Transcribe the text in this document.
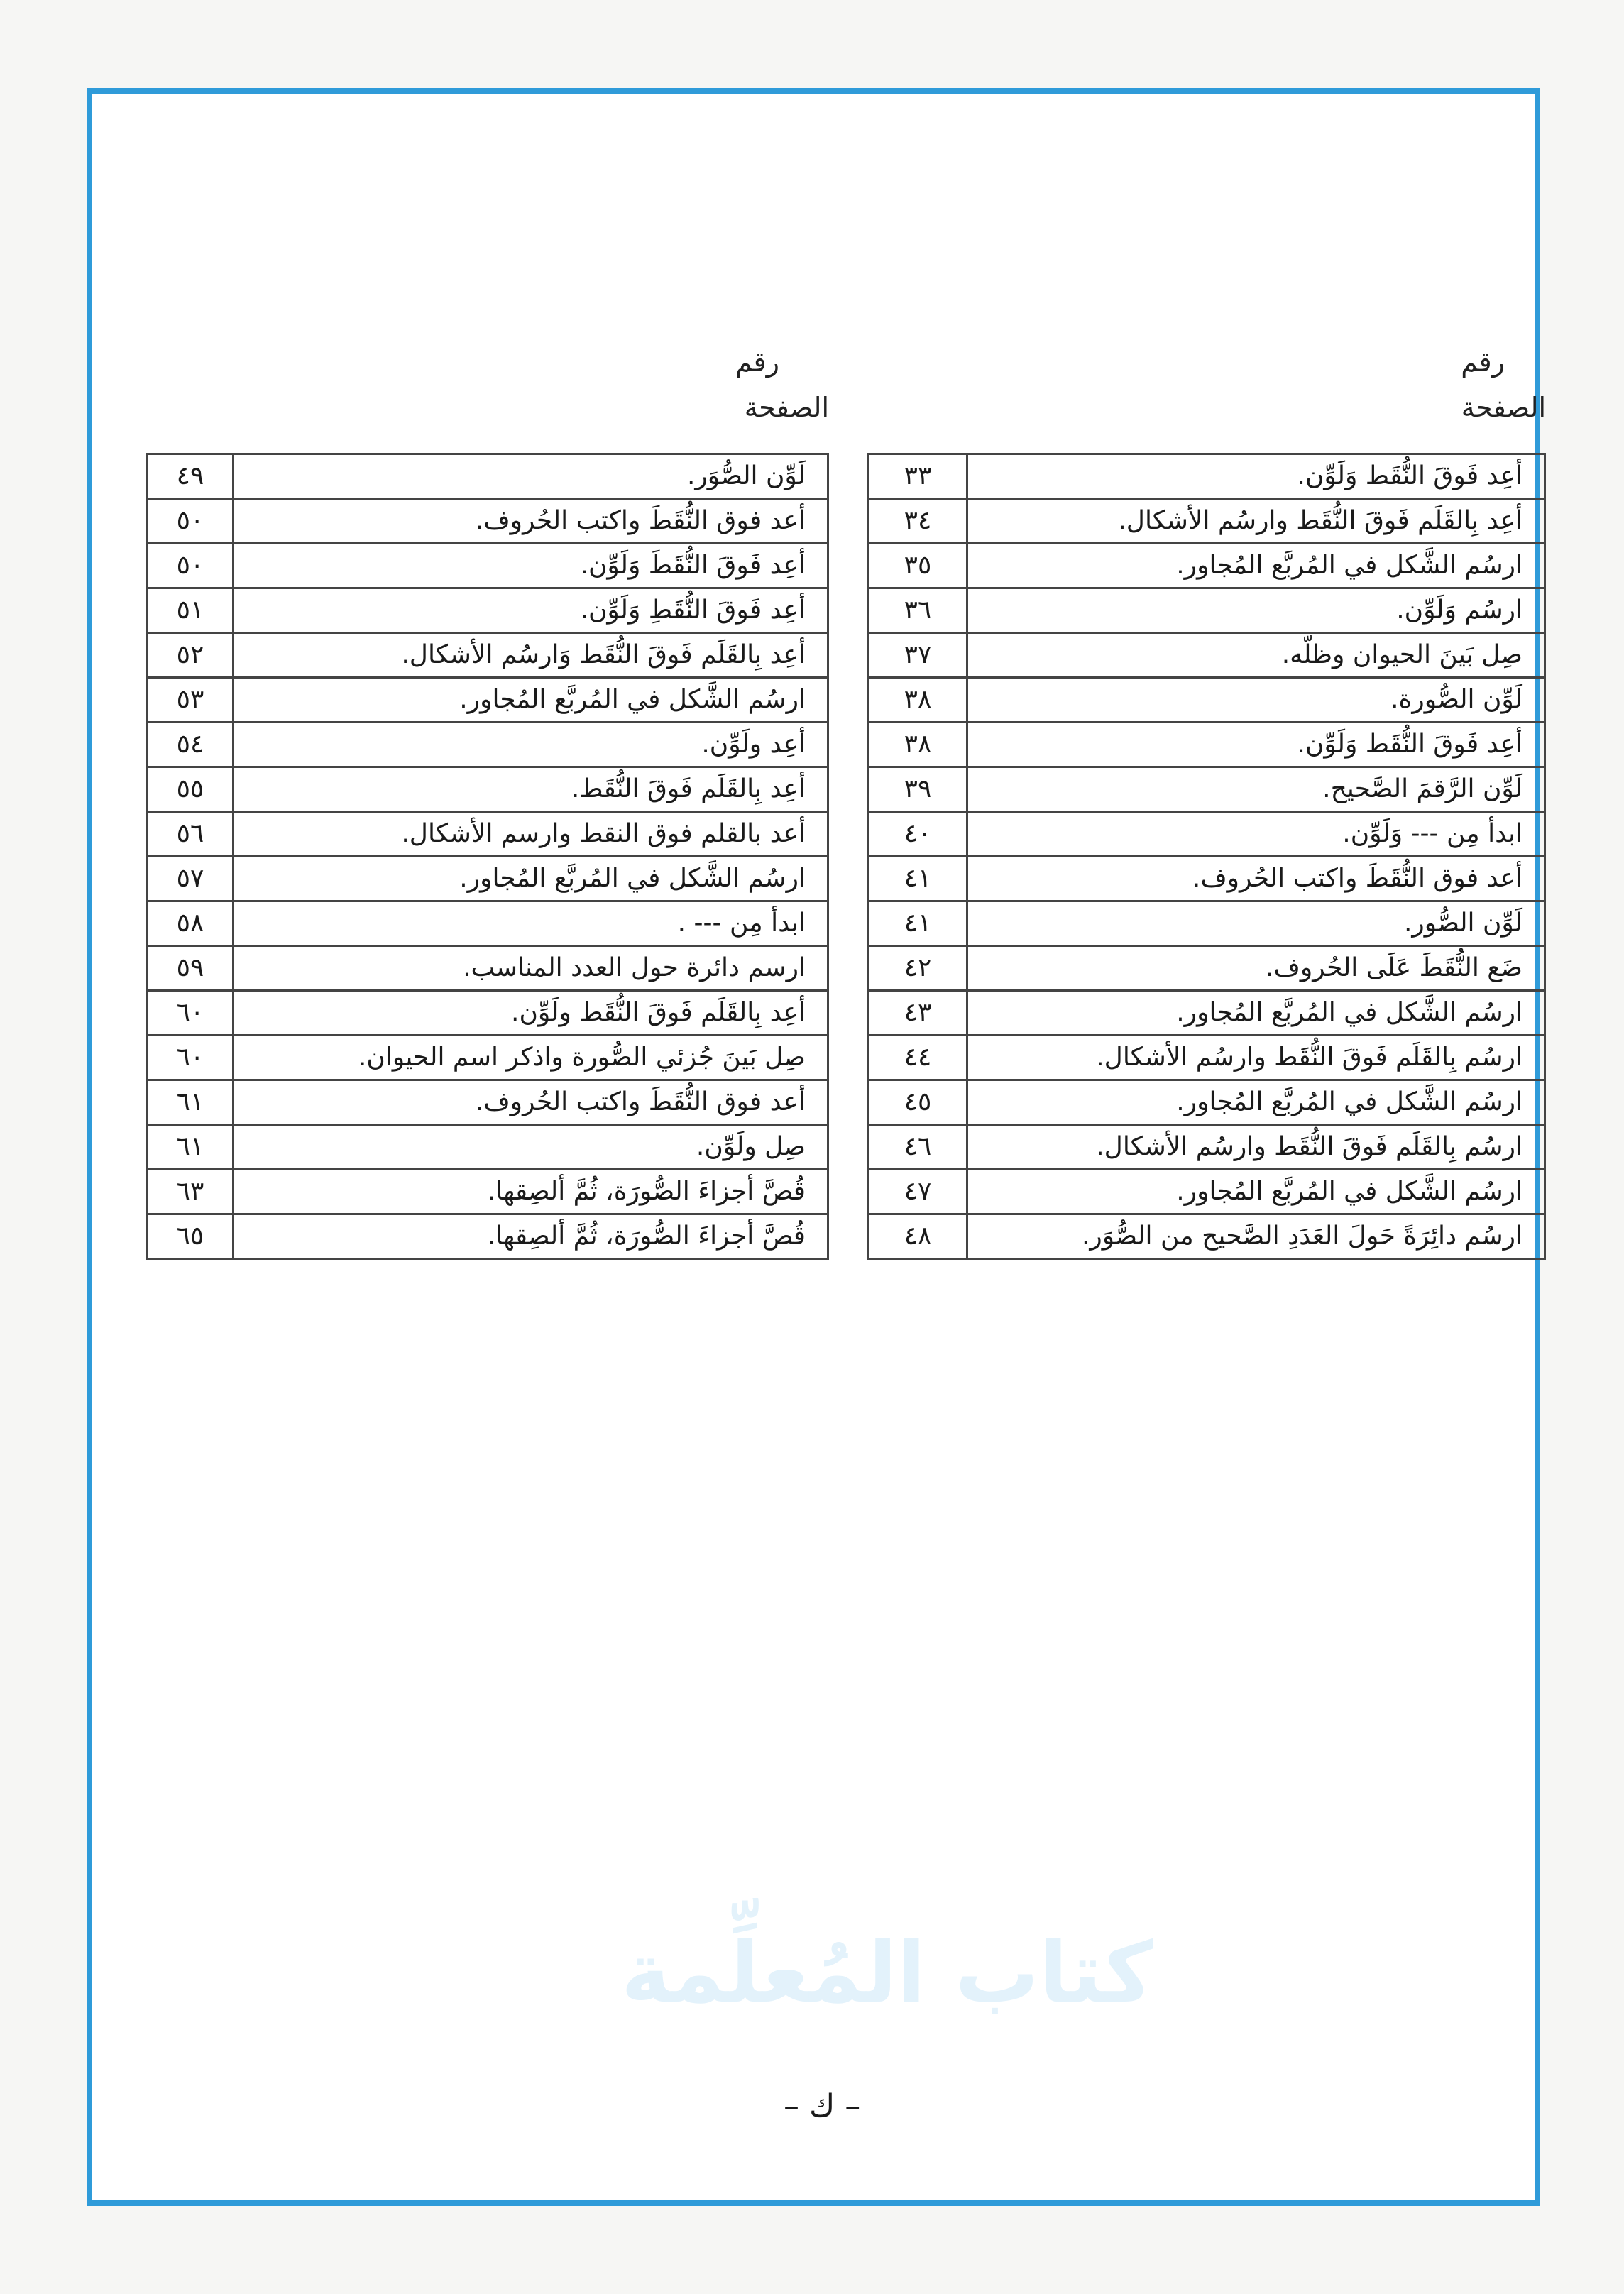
كتاب المُعلِّمة
رقم
الصفحة
أعِد فَوقَ النُّقَط وَلَوِّن.	٣٣
أعِد بِالقَلَم فَوقَ النُّقَط وارسُم الأشكال.	٣٤
ارسُم الشَّكل في المُربَّع المُجاور.	٣٥
ارسُم وَلَوِّن.	٣٦
صِل بَينَ الحيوان وظلّه.	٣٧
لَوِّن الصُّورة.	٣٨
أعِد فَوقَ النُّقَط وَلَوِّن.	٣٨
لَوِّن الرَّقمَ الصَّحيح.	٣٩
ابدأ مِن --- وَلَوِّن.	٤٠
أعد فوق النُّقَطَ واكتب الحُروف.	٤١
لَوِّن الصُّور.	٤١
ضَع النُّقَطَ عَلَى الحُروف.	٤٢
ارسُم الشَّكل في المُربَّع المُجاور.	٤٣
ارسُم بِالقَلَم فَوقَ النُّقَط وارسُم الأشكال.	٤٤
ارسُم الشَّكل في المُربَّع المُجاور.	٤٥
ارسُم بِالقَلَم فَوقَ النُّقَط وارسُم الأشكال.	٤٦
ارسُم الشَّكل في المُربَّع المُجاور.	٤٧
ارسُم دائِرَةً حَولَ العَدَدِ الصَّحيح من الصُّوَر.	٤٨
رقم
الصفحة
لَوِّن الصُّوَر.	٤٩
أعد فوق النُّقَطَ واكتب الحُروف.	٥٠
أعِد فَوقَ النُّقَطَ وَلَوِّن.	٥٠
أعِد فَوقَ النُّقَطِ وَلَوِّن.	٥١
أعِد بِالقَلَم فَوقَ النُّقَط وَارسُم الأشكال.	٥٢
ارسُم الشَّكل في المُربَّع المُجاور.	٥٣
أعِد ولَوِّن.	٥٤
أعِد بِالقَلَم فَوقَ النُّقَط.	٥٥
أعد بالقلم فوق النقط وارسم الأشكال.	٥٦
ارسُم الشَّكل في المُربَّع المُجاور.	٥٧
ابدأ مِن --- .	٥٨
ارسم دائرة حول العدد المناسب.	٥٩
أعِد بِالقَلَم فَوقَ النُّقَط ولَوِّن.	٦٠
صِل بَينَ جُزئي الصُّورة واذكر اسم الحيوان.	٦٠
أعد فوق النُّقَطَ واكتب الحُروف.	٦١
صِل ولَوِّن.	٦١
قُصَّ أجزاءَ الصُّورَة، ثُمَّ ألصِقها.	٦٣
قُصَّ أجزاءَ الصُّورَة، ثُمَّ ألصِقها.	٦٥
– ك –
